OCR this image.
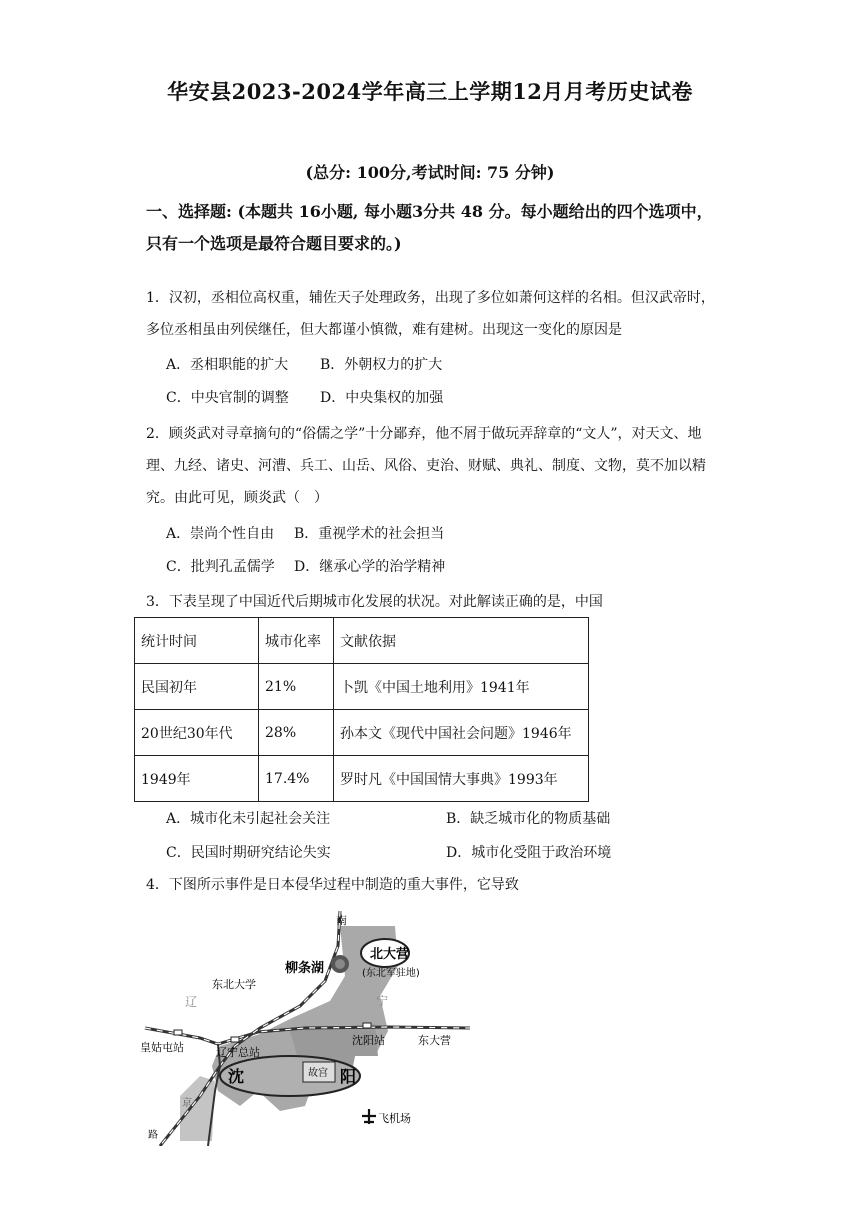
华安县2023-2024学年高三上学期12月月考历史试卷
(总分: 100分,考试时间: 75 分钟)
一、选择题: (本题共 16小题, 每小题3分共 48 分。每小题给出的四个选项中，只有一个选项是最符合题目要求的。)
1．汉初，丞相位高权重，辅佐天子处理政务，出现了多位如萧何这样的名相。但汉武帝时，多位丞相虽由列侯继任，但大都谨小慎微，难有建树。出现这一变化的原因是
A．丞相职能的扩大 B．外朝权力的扩大
C．中央官制的调整 D．中央集权的加强
2．顾炎武对寻章摘句的“俗儒之学”十分鄙弃，他不屑于做玩弄辞章的“文人”，对天文、地理、九经、诸史、河漕、兵工、山岳、风俗、吏治、财赋、典礼、制度、文物，莫不加以精究。由此可见，顾炎武（　）
A．崇尚个性自由 B．重视学术的社会担当
C．批判孔孟儒学 D．继承心学的治学精神
3．下表呈现了中国近代后期城市化发展的状况。对此解读正确的是，中国
统计时间	城市化率	文献依据
民国初年	21%	卜凯《中国土地利用》1941年
20世纪30年代	28%	孙本文《现代中国社会问题》1946年
1949年	17.4%	罗时凡《中国国情大事典》1993年
A．城市化未引起社会关注	B．缺乏城市化的物质基础
C．民国时期研究结论失实	D．城市化受阻于政治环境
4．下图所示事件是日本侵华过程中制造的重大事件，它导致
南
柳条湖
北大营
(东北军驻地)
东北大学
辽	宁
沈阳站	东大营
皇姑屯站	辽宁总站
沈	阳
故宫
飞机场
京
路
